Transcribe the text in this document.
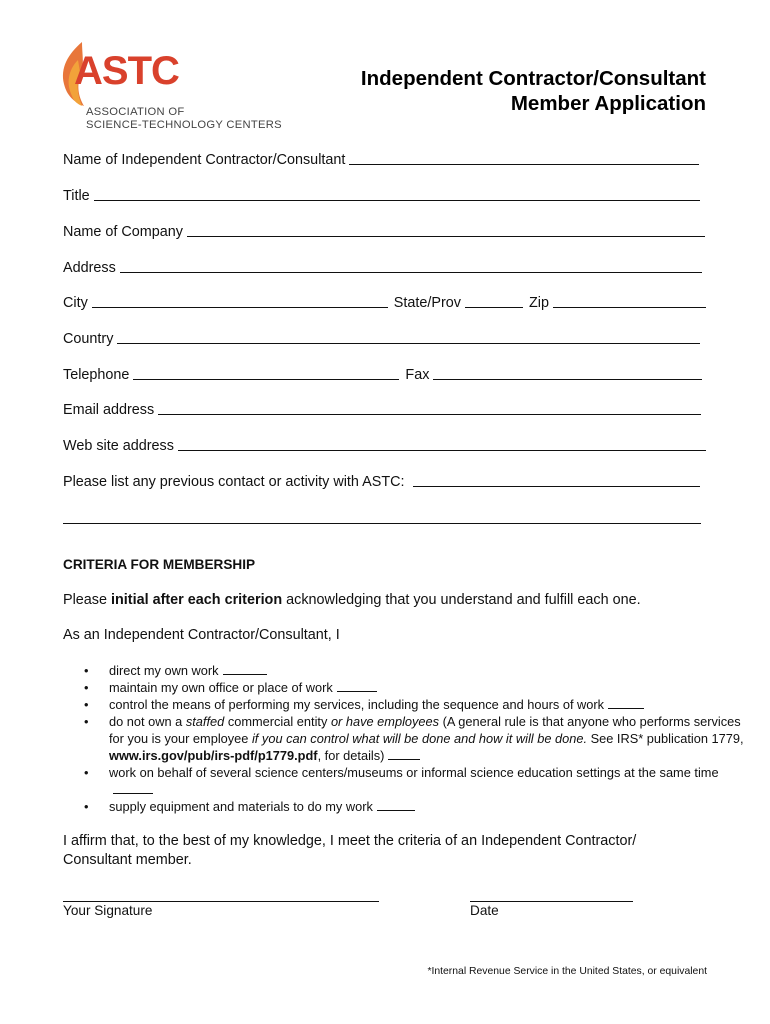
ASTC
ASSOCIATION OF
SCIENCE-TECHNOLOGY CENTERS
Independent Contractor/Consultant
Member Application
Name of Independent Contractor/Consultant
Title
Name of Company
Address
City	State/Prov	Zip
Country
Telephone	Fax
Email address
Web site address
Please list any previous contact or activity with ASTC:
CRITERIA FOR MEMBERSHIP
Please initial after each criterion acknowledging that you understand and fulfill each one.
As an Independent Contractor/Consultant, I
• direct my own work
• maintain my own office or place of work
• control the means of performing my services, including the sequence and hours of work
• do not own a staffed commercial entity or have employees (A general rule is that anyone who performs services for you is your employee if you can control what will be done and how it will be done. See IRS* publication 1779, www.irs.gov/pub/irs-pdf/p1779.pdf, for details)
• work on behalf of several science centers/museums or informal science education settings at the same time
• supply equipment and materials to do my work
I affirm that, to the best of my knowledge, I meet the criteria of an Independent Contractor/ Consultant member.
Your Signature	Date
*Internal Revenue Service in the United States, or equivalent
